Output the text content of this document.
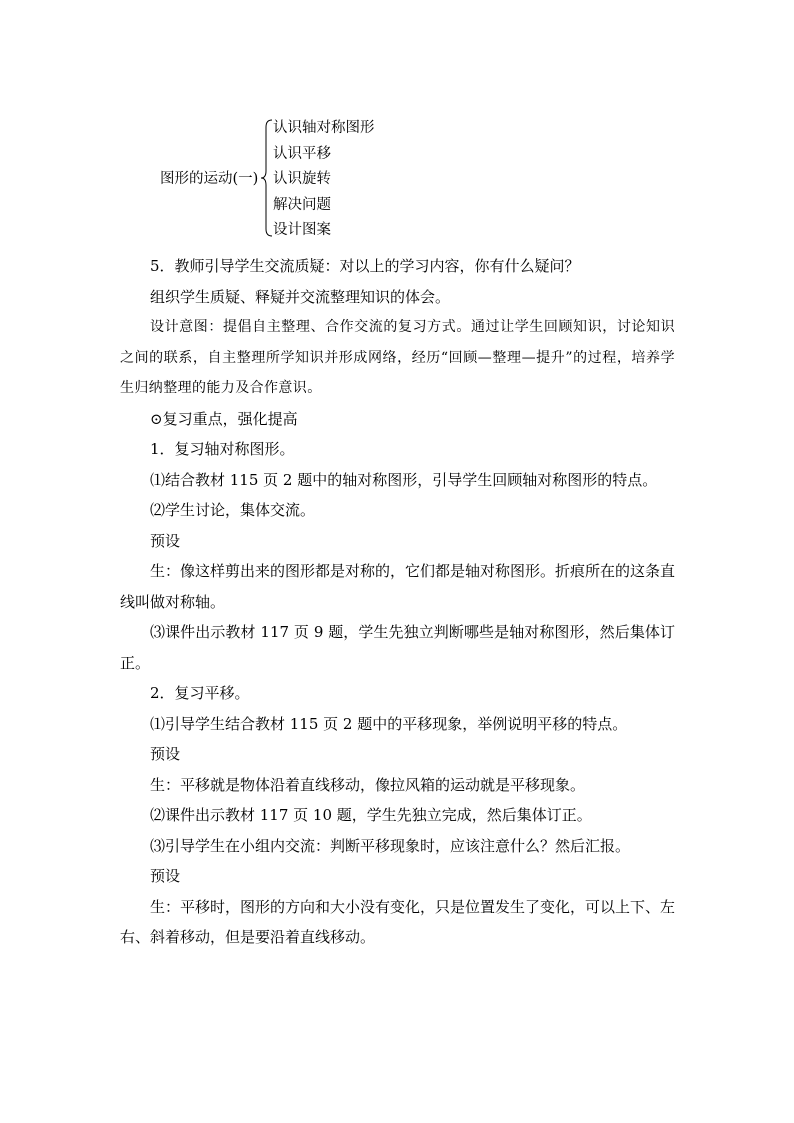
图形的运动(一)
认识轴对称图形
认识平移
认识旋转
解决问题
设计图案

5．教师引导学生交流质疑：对以上的学习内容，你有什么疑问？

组织学生质疑、释疑并交流整理知识的体会。

设计意图：提倡自主整理、合作交流的复习方式。通过让学生回顾知识，讨论知识之间的联系，自主整理所学知识并形成网络，经历“回顾—整理—提升”的过程，培养学生归纳整理的能力及合作意识。

⊙复习重点，强化提高

1．复习轴对称图形。

⑴结合教材 115 页 2 题中的轴对称图形，引导学生回顾轴对称图形的特点。

⑵学生讨论，集体交流。

预设

生：像这样剪出来的图形都是对称的，它们都是轴对称图形。折痕所在的这条直线叫做对称轴。

⑶课件出示教材 117 页 9 题，学生先独立判断哪些是轴对称图形，然后集体订正。

2．复习平移。

⑴引导学生结合教材 115 页 2 题中的平移现象，举例说明平移的特点。

预设

生：平移就是物体沿着直线移动，像拉风箱的运动就是平移现象。

⑵课件出示教材 117 页 10 题，学生先独立完成，然后集体订正。

⑶引导学生在小组内交流：判断平移现象时，应该注意什么？然后汇报。

预设

生：平移时，图形的方向和大小没有变化，只是位置发生了变化，可以上下、左右、斜着移动，但是要沿着直线移动。
